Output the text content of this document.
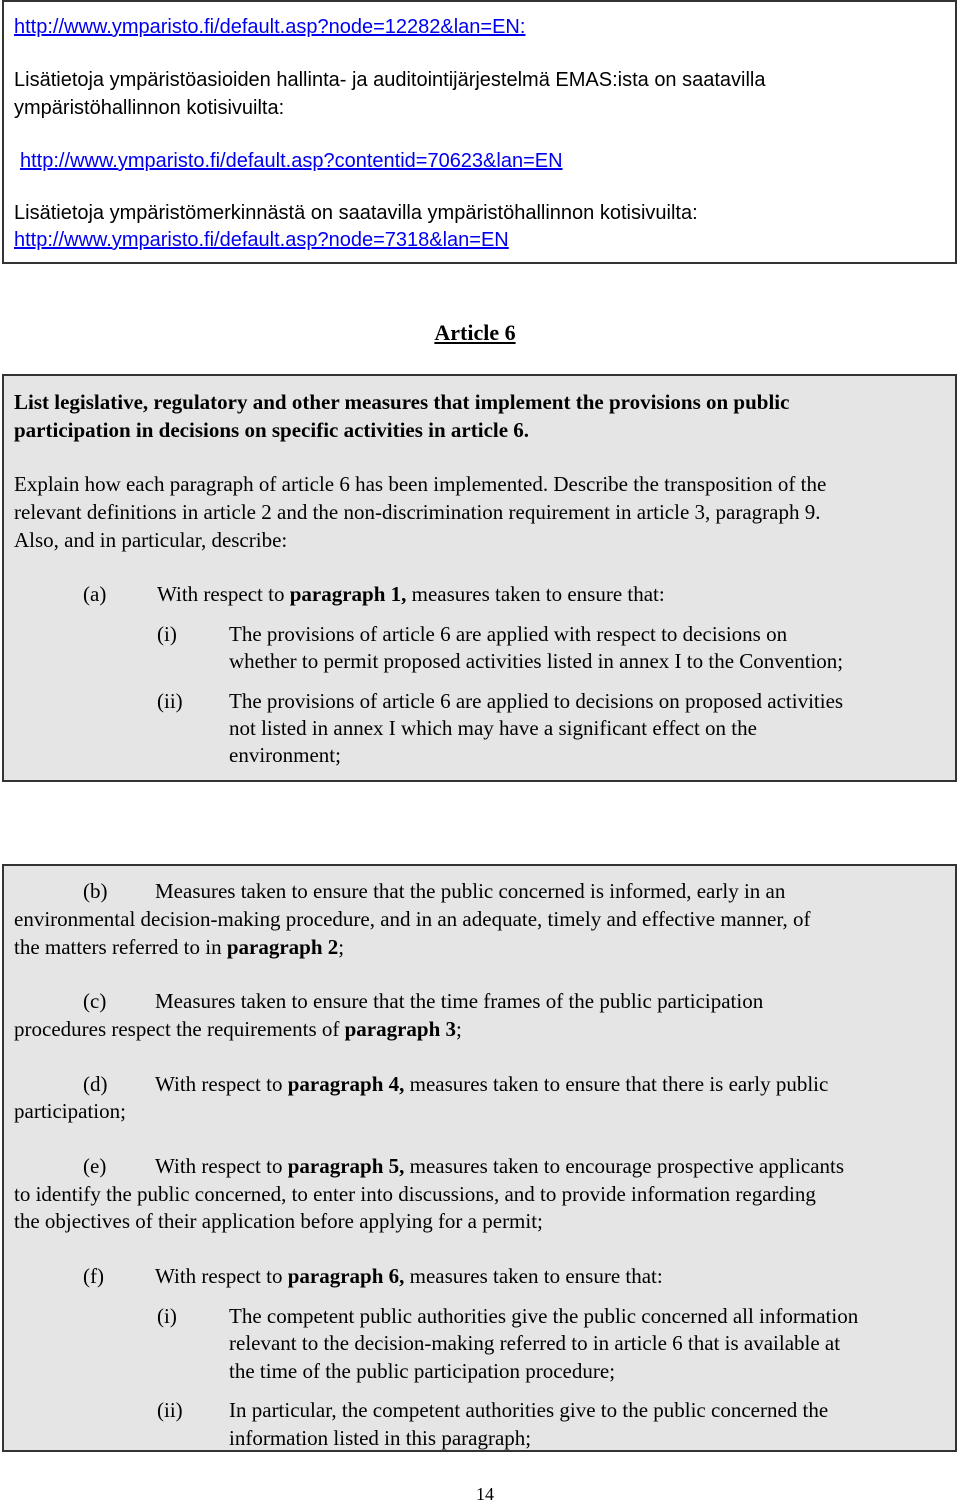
http://www.ymparisto.fi/default.asp?node=12282&lan=EN:
Lisätietoja ympäristöasioiden hallinta- ja auditointijärjestelmä EMAS:ista on saatavilla
ympäristöhallinnon kotisivuilta:
http://www.ymparisto.fi/default.asp?contentid=70623&lan=EN
Lisätietoja ympäristömerkinnästä on saatavilla ympäristöhallinnon kotisivuilta:
http://www.ymparisto.fi/default.asp?node=7318&lan=EN
Article 6
List legislative, regulatory and other measures that implement the provisions on public
participation in decisions on specific activities in article 6.
Explain how each paragraph of article 6 has been implemented. Describe the transposition of the
relevant definitions in article 2 and the non-discrimination requirement in article 3, paragraph 9.
Also, and in particular, describe:
(a) With respect to paragraph 1, measures taken to ensure that:
(i) The provisions of article 6 are applied with respect to decisions on
whether to permit proposed activities listed in annex I to the Convention;
(ii) The provisions of article 6 are applied to decisions on proposed activities
not listed in annex I which may have a significant effect on the
environment;
(b) Measures taken to ensure that the public concerned is informed, early in an
environmental decision-making procedure, and in an adequate, timely and effective manner, of
the matters referred to in paragraph 2;
(c) Measures taken to ensure that the time frames of the public participation
procedures respect the requirements of paragraph 3;
(d) With respect to paragraph 4, measures taken to ensure that there is early public
participation;
(e) With respect to paragraph 5, measures taken to encourage prospective applicants
to identify the public concerned, to enter into discussions, and to provide information regarding
the objectives of their application before applying for a permit;
(f) With respect to paragraph 6, measures taken to ensure that:
(i) The competent public authorities give the public concerned all information
relevant to the decision-making referred to in article 6 that is available at
the time of the public participation procedure;
(ii) In particular, the competent authorities give to the public concerned the
information listed in this paragraph;
14
